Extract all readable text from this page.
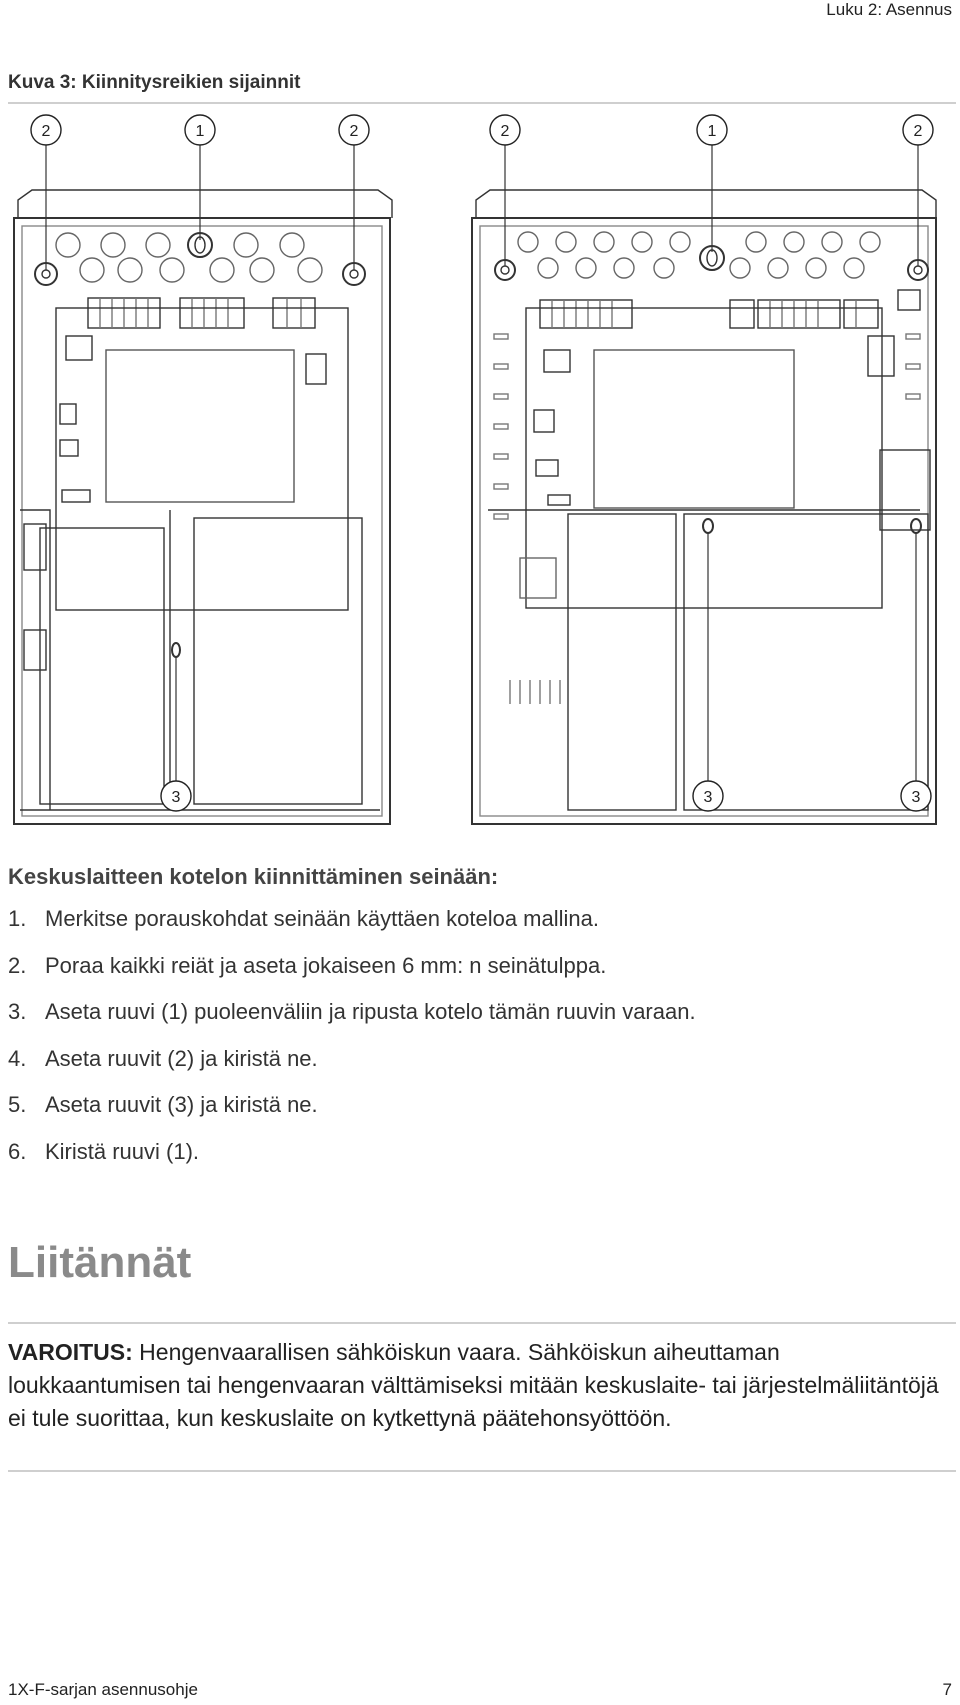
Luku 2: Asennus
Kuva 3: Kiinnitysreikien sijainnit
2	1	2	2	1	2
3	3	3
Keskuslaitteen kotelon kiinnittäminen seinään:
1. Merkitse porauskohdat seinään käyttäen koteloa mallina.
2. Poraa kaikki reiät ja aseta jokaiseen 6 mm: n seinätulppa.
3. Aseta ruuvi (1) puoleenväliin ja ripusta kotelo tämän ruuvin varaan.
4. Aseta ruuvit (2) ja kiristä ne.
5. Aseta ruuvit (3) ja kiristä ne.
6. Kiristä ruuvi (1).
Liitännät
VAROITUS: Hengenvaarallisen sähköiskun vaara. Sähköiskun aiheuttaman loukkaantumisen tai hengenvaaran välttämiseksi mitään keskuslaite- tai järjestelmäliitäntöjä ei tule suorittaa, kun keskuslaite on kytkettynä päätehonsyöttöön.
1X-F-sarjan asennusohje	7
